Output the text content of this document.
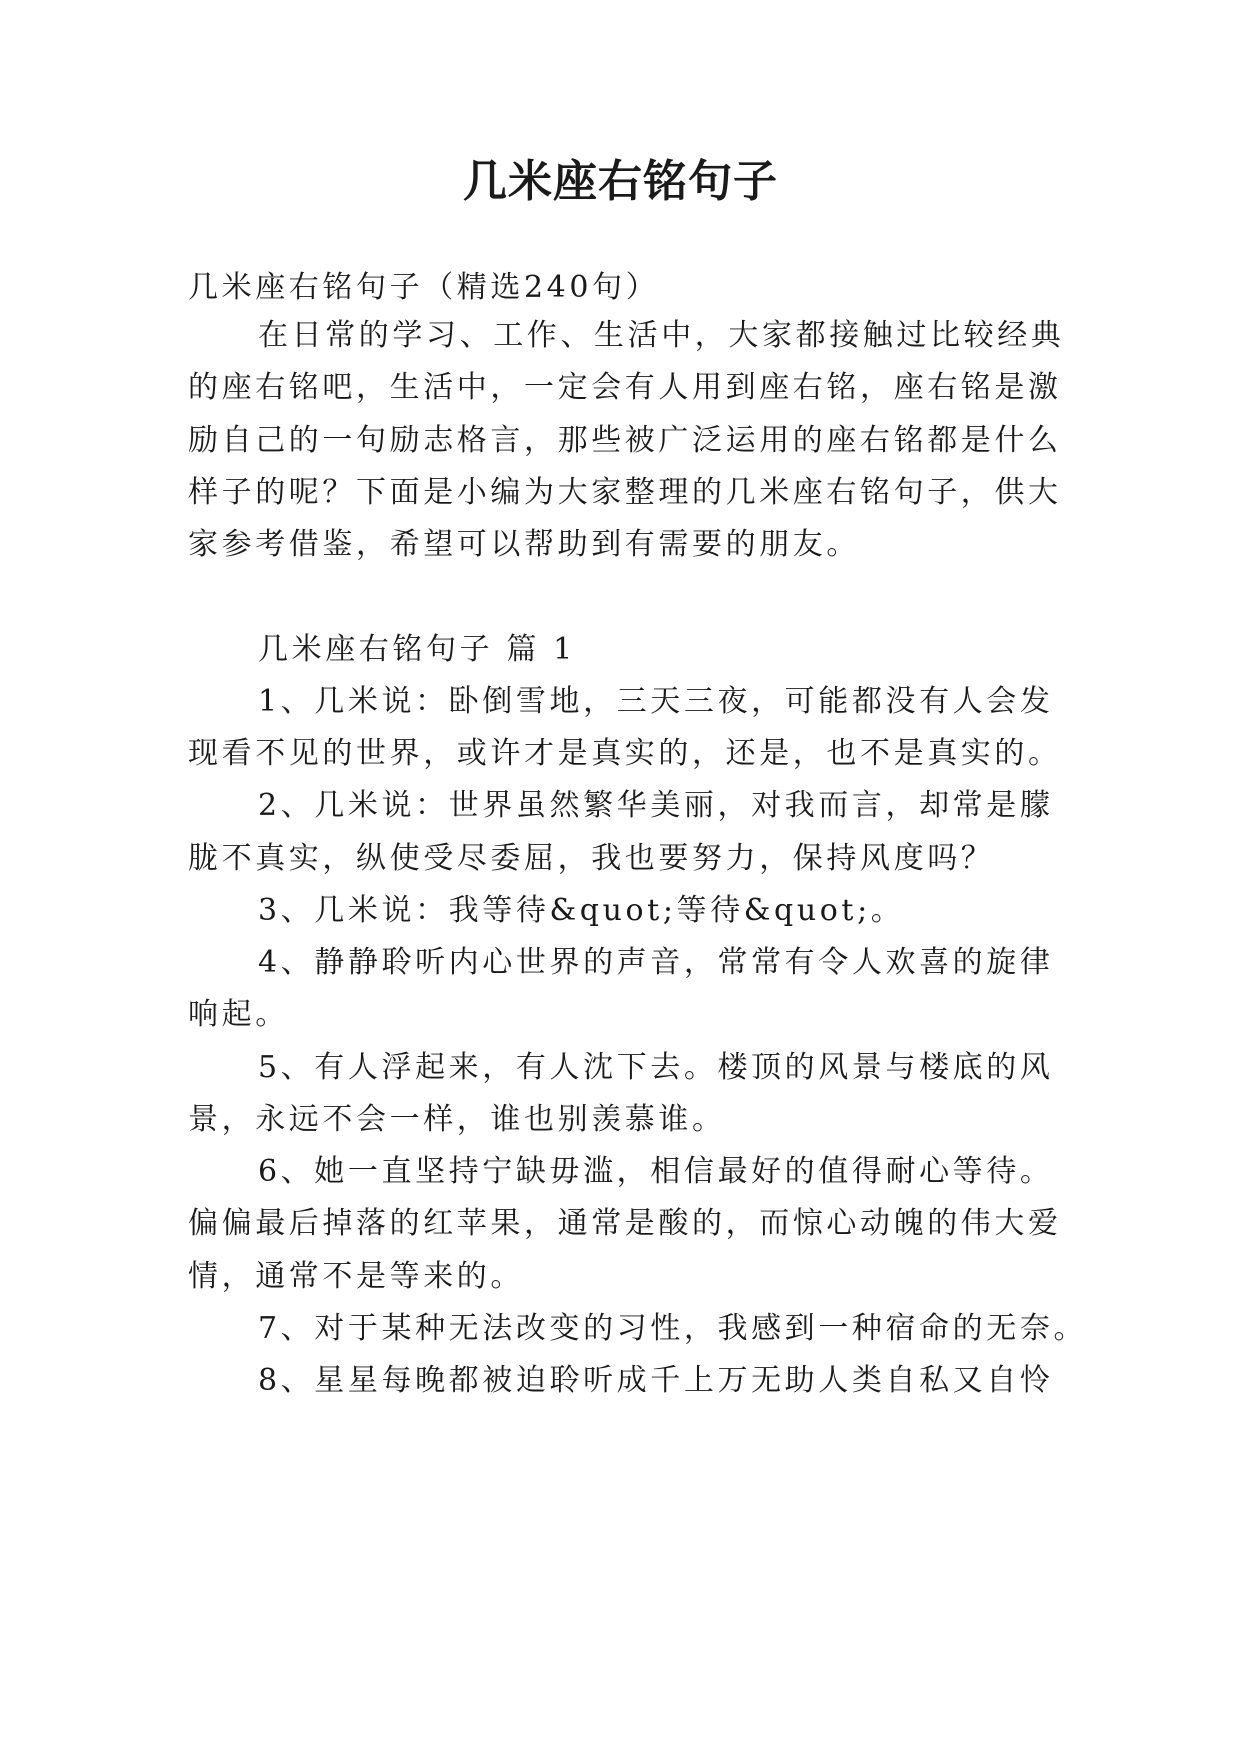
几米座右铭句子
几米座右铭句子（精选240句）
在日常的学习、工作、生活中，大家都接触过比较经典
的座右铭吧，生活中，一定会有人用到座右铭，座右铭是激
励自己的一句励志格言，那些被广泛运用的座右铭都是什么
样子的呢？下面是小编为大家整理的几米座右铭句子，供大
家参考借鉴，希望可以帮助到有需要的朋友。
几米座右铭句子 篇 1
1、几米说：卧倒雪地，三天三夜，可能都没有人会发
现看不见的世界，或许才是真实的，还是，也不是真实的。
2、几米说：世界虽然繁华美丽，对我而言，却常是朦
胧不真实，纵使受尽委屈，我也要努力，保持风度吗？
3、几米说：我等待&quot;等待&quot;。
4、静静聆听内心世界的声音，常常有令人欢喜的旋律
响起。
5、有人浮起来，有人沈下去。楼顶的风景与楼底的风
景，永远不会一样，谁也别羡慕谁。
6、她一直坚持宁缺毋滥，相信最好的值得耐心等待。
偏偏最后掉落的红苹果，通常是酸的，而惊心动魄的伟大爱
情，通常不是等来的。
7、对于某种无法改变的习性，我感到一种宿命的无奈。
8、星星每晚都被迫聆听成千上万无助人类自私又自怜
